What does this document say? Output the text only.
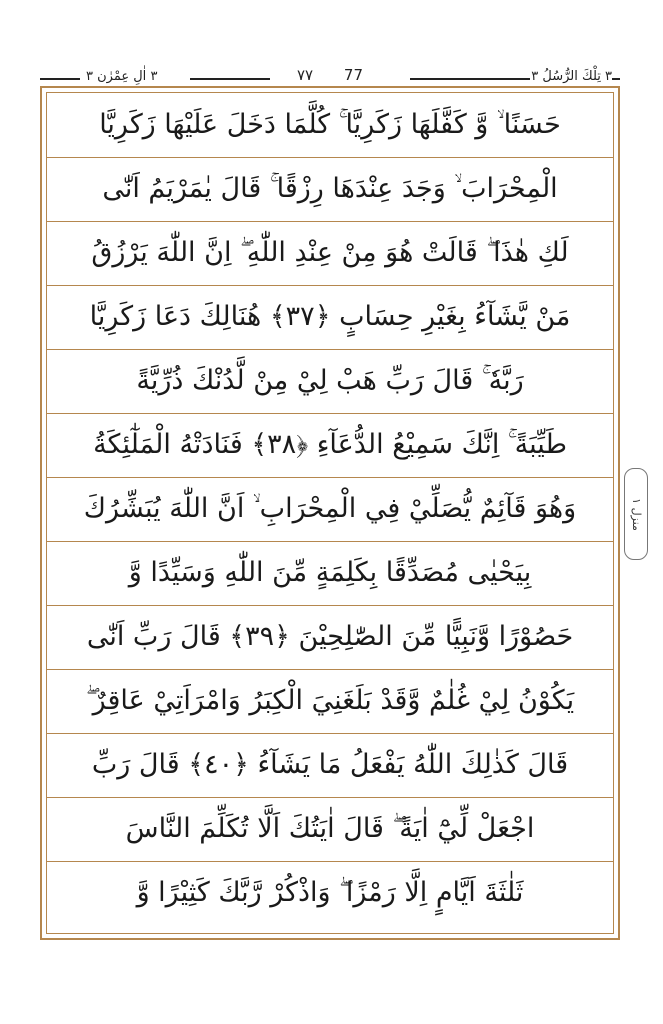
٣ اٰلِ عِمْرٰن ٣	۷۷ 77	٣ تِلْكَ الرُّسُلُ ٣
حَسَنًا ۙ وَّ كَفَّلَهَا زَكَرِيَّا ۚ كُلَّمَا دَخَلَ عَلَيْهَا زَكَرِيَّا
الْمِحْرَابَ ۙ وَجَدَ عِنْدَهَا رِزْقًا ۚ قَالَ يٰمَرْيَمُ اَنّٰى
لَكِ هٰذَا ۖ قَالَتْ هُوَ مِنْ عِنْدِ اللّٰهِ ۖ اِنَّ اللّٰهَ يَرْزُقُ
مَنْ يَّشَآءُ بِغَيْرِ حِسَابٍ ﴿٣٧﴾ هُنَالِكَ دَعَا زَكَرِيَّا
رَبَّهٗ ۚ قَالَ رَبِّ هَبْ لِيْ مِنْ لَّدُنْكَ ذُرِّيَّةً
طَيِّبَةً ۚ اِنَّكَ سَمِيْعُ الدُّعَآءِ ﴿٣٨﴾ فَنَادَتْهُ الْمَلٰٓئِكَةُ
وَهُوَ قَآئِمٌ يُّصَلِّيْ فِي الْمِحْرَابِ ۙ اَنَّ اللّٰهَ يُبَشِّرُكَ
بِيَحْيٰى مُصَدِّقًا بِكَلِمَةٍ مِّنَ اللّٰهِ وَسَيِّدًا وَّ
حَصُوْرًا وَّنَبِيًّا مِّنَ الصّٰلِحِيْنَ ﴿٣٩﴾ قَالَ رَبِّ اَنّٰى
يَكُوْنُ لِيْ غُلٰمٌ وَّقَدْ بَلَغَنِيَ الْكِبَرُ وَامْرَاَتِيْ عَاقِرٌ ۖ
قَالَ كَذٰلِكَ اللّٰهُ يَفْعَلُ مَا يَشَآءُ ﴿٤٠﴾ قَالَ رَبِّ
اجْعَلْ لِّيْٓ اٰيَةً ۖ قَالَ اٰيَتُكَ اَلَّا تُكَلِّمَ النَّاسَ
ثَلٰثَةَ اَيَّامٍ اِلَّا رَمْزًا ۖ وَاذْكُرْ رَّبَّكَ كَثِيْرًا وَّ
منزل ١
